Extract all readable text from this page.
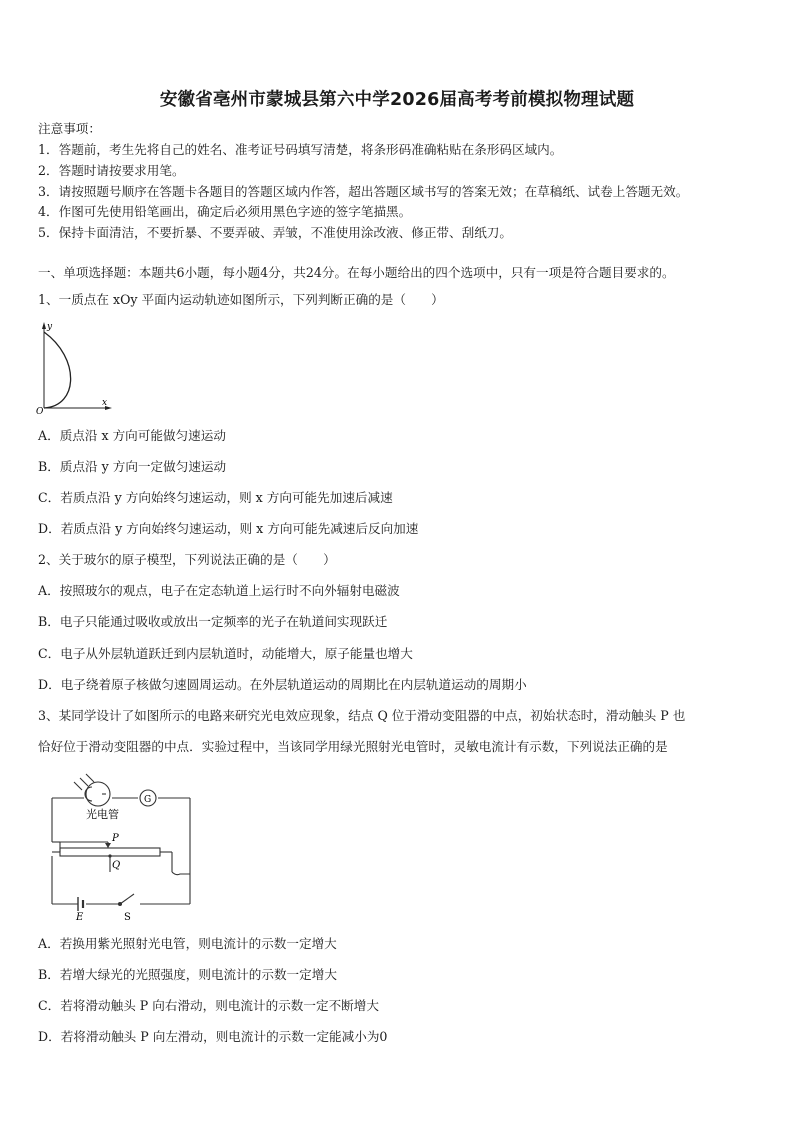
安徽省亳州市蒙城县第六中学2026届高考考前模拟物理试题
注意事项：
1．答题前，考生先将自己的姓名、准考证号码填写清楚，将条形码准确粘贴在条形码区域内。
2．答题时请按要求用笔。
3．请按照题号顺序在答题卡各题目的答题区域内作答，超出答题区域书写的答案无效；在草稿纸、试卷上答题无效。
4．作图可先使用铅笔画出，确定后必须用黑色字迹的签字笔描黑。
5．保持卡面清洁，不要折暴、不要弄破、弄皱，不准使用涂改液、修正带、刮纸刀。
一、单项选择题：本题共6小题，每小题4分，共24分。在每小题给出的四个选项中，只有一项是符合题目要求的。
1、一质点在 xOy 平面内运动轨迹如图所示，下列判断正确的是（　　）
y
x
O
A．质点沿 x 方向可能做匀速运动
B．质点沿 y 方向一定做匀速运动
C．若质点沿 y 方向始终匀速运动，则 x 方向可能先加速后减速
D．若质点沿 y 方向始终匀速运动，则 x 方向可能先减速后反向加速
2、关于玻尔的原子模型，下列说法正确的是（　　）
A．按照玻尔的观点，电子在定态轨道上运行时不向外辐射电磁波
B．电子只能通过吸收或放出一定频率的光子在轨道间实现跃迁
C．电子从外层轨道跃迁到内层轨道时，动能增大，原子能量也增大
D．电子绕着原子核做匀速圆周运动。在外层轨道运动的周期比在内层轨道运动的周期小
3、某同学设计了如图所示的电路来研究光电效应现象，结点 Q 位于滑动变阻器的中点，初始状态时，滑动触头 P 也
恰好位于滑动变阻器的中点．实验过程中，当该同学用绿光照射光电管时，灵敏电流计有示数，下列说法正确的是
光电管
G
P
Q
E	S
A．若换用紫光照射光电管，则电流计的示数一定增大
B．若增大绿光的光照强度，则电流计的示数一定增大
C．若将滑动触头 P 向右滑动，则电流计的示数一定不断增大
D．若将滑动触头 P 向左滑动，则电流计的示数一定能减小为0
